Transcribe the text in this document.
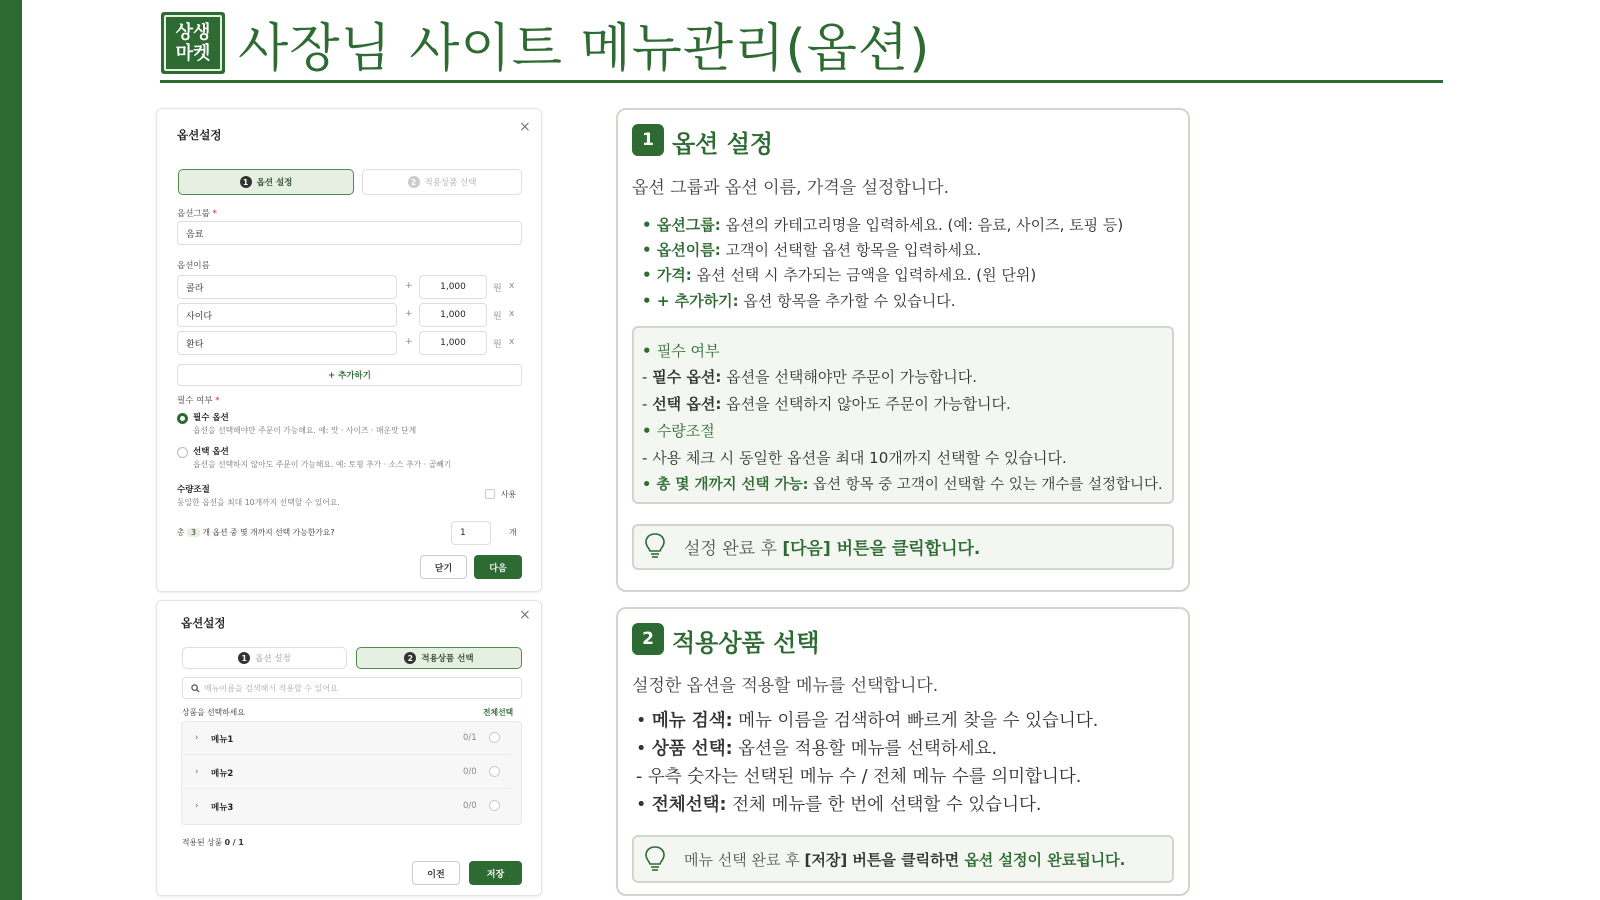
상생
마켓 사장님 사이트 메뉴관리(옵션)
옵션설정	×
1 옵션 설정	2 적용상품 선택
옵션그룹 *
음료
옵션이름
콜라	+	1,000	원 x
사이다	+	1,000	원 x
환타	+	1,000	원 x
+ 추가하기
필수 여부 *
필수 옵션
옵션을 선택해야만 주문이 가능해요. 예: 맛 · 사이즈 · 매운맛 단계
선택 옵션
옵션을 선택하지 않아도 주문이 가능해요. 예: 토핑 추가 · 소스 추가 · 곱빼기
수량조절
동일한 옵션을 최대 10개까지 선택할 수 있어요.
사용
총 3 개 옵션 중 몇 개까지 선택 가능한가요?	1	개
닫기	다음
옵션설정	×
1 옵션 설정	2 적용상품 선택
메뉴이름을 검색해서 적용할 수 있어요
상품을 선택하세요	전체선택
› 메뉴1	0/1
› 메뉴2	0/0
› 메뉴3	0/0
적용된 상품 0 / 1
이전	저장
1 옵션 설정
옵션 그룹과 옵션 이름, 가격을 설정합니다.
• 옵션그룹: 옵션의 카테고리명을 입력하세요. (예: 음료, 사이즈, 토핑 등)
• 옵션이름: 고객이 선택할 옵션 항목을 입력하세요.
• 가격: 옵션 선택 시 추가되는 금액을 입력하세요. (원 단위)
• + 추가하기: 옵션 항목을 추가할 수 있습니다.
• 필수 여부
- 필수 옵션: 옵션을 선택해야만 주문이 가능합니다.
- 선택 옵션: 옵션을 선택하지 않아도 주문이 가능합니다.
• 수량조절
- 사용 체크 시 동일한 옵션을 최대 10개까지 선택할 수 있습니다.
• 총 몇 개까지 선택 가능: 옵션 항목 중 고객이 선택할 수 있는 개수를 설정합니다.
설정 완료 후 [다음] 버튼을 클릭합니다.
2 적용상품 선택
설정한 옵션을 적용할 메뉴를 선택합니다.
• 메뉴 검색: 메뉴 이름을 검색하여 빠르게 찾을 수 있습니다.
• 상품 선택: 옵션을 적용할 메뉴를 선택하세요.
- 우측 숫자는 선택된 메뉴 수 / 전체 메뉴 수를 의미합니다.
• 전체선택: 전체 메뉴를 한 번에 선택할 수 있습니다.
메뉴 선택 완료 후 [저장] 버튼을 클릭하면 옵션 설정이 완료됩니다.
